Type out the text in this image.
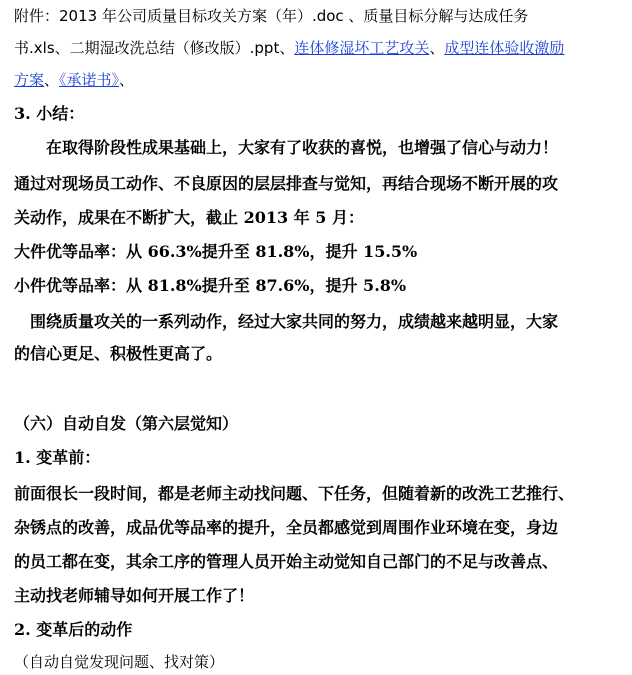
附件：2013 年公司质量目标攻关方案（年）.doc 、质量目标分解与达成任务
书.xls、二期湿改洗总结（修改版）.ppt、连体修湿坏工艺攻关、成型连体验收激励
方案、《承诺书》、
3. 小结：
在取得阶段性成果基础上，大家有了收获的喜悦，也增强了信心与动力！
通过对现场员工动作、不良原因的层层排查与觉知，再结合现场不断开展的攻
关动作，成果在不断扩大，截止 2013 年 5 月：
大件优等品率：从 66.3%提升至 81.8%，提升 15.5%
小件优等品率：从 81.8%提升至 87.6%，提升 5.8%
围绕质量攻关的一系列动作，经过大家共同的努力，成绩越来越明显，大家
的信心更足、积极性更高了。
（六）自动自发（第六层觉知）
1. 变革前：
前面很长一段时间，都是老师主动找问题、下任务，但随着新的改洗工艺推行、
杂锈点的改善，成品优等品率的提升，全员都感觉到周围作业环境在变，身边
的员工都在变，其余工序的管理人员开始主动觉知自己部门的不足与改善点、
主动找老师辅导如何开展工作了！
2. 变革后的动作
（自动自觉发现问题、找对策）
